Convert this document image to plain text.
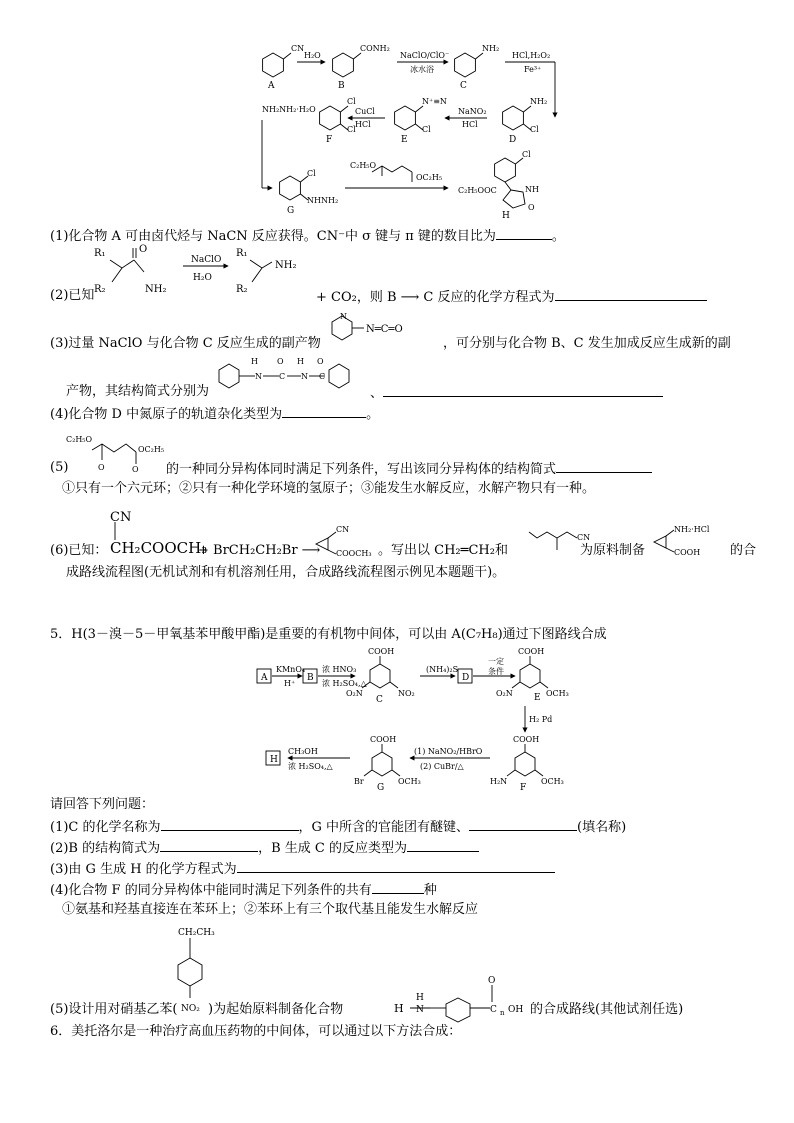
A	B	C
D
E
F
G	H
CN	CONH₂	NH₂
NH₂
Cl
N⁺≡N
Cl
Cl
Cl
Cl
NHNH₂
C₂H₅O
OC₂H₅
C₂H₅OOC
Cl
NH
O
H₂O	NaClO/ClO⁻
冰水浴
HCl,H₂O₂
Fe³⁺
NaNO₂
HCl
CuCl
HCl
NH₂NH₂·H₂O
(1)化合物 A 可由卤代烃与 NaCN 反应获得。CN⁻中 σ 键与 π 键的数目比为	。
R₁
R₂
O
NH₂
NaClO
H₂O
R₁
R₂
NH₂
(2)已知	+ CO₂，则 B ⟶ C 反应的化学方程式为
N
N═C═O
(3)过量 NaClO 与化合物 C 反应生成的副产物	，可分别与化合物 B、C 发生加成反应生成新的副
H
N
O
C
H
N
O
C
产物，其结构简式分别为	、
(4)化合物 D 中氮原子的轨道杂化类型为	。
C₂H₅O
OC₂H₅
O	O
(5)	的一种同分异构体同时满足下列条件，写出该同分异构体的结构简式
①只有一个六元环；②只有一种化学环境的氢原子；③能发生水解反应，水解产物只有一种。
CN
(6)已知： CH₂COOCH₃
+ BrCH₂CH₂Br ⟶
CN
COOCH₃ 。写出以 CH₂═CH₂和
CN
为原料制备
NH₂·HCl
COOH 的合
成路线流程图(无机试剂和有机溶剂任用，合成路线流程图示例见本题题干)。
5．H(3－溴－5－甲氧基苯甲酸甲酯)是重要的有机物中间体，可以由 A(C₇H₈)通过下图路线合成
A	B
C
D
E
F
G
H
KMnO₄
H⁺
浓 HNO₃
浓 H₂SO₄,△
(NH₄)₂S
一定
条件
H₂ Pd
(1) NaNO₂/HBrO
(2) CuBr/△
CH₃OH
浓 H₂SO₄,△
COOH
O₂N	NO₂
COOH
O₂N	OCH₃
COOH
H₂N	OCH₃
COOH
Br	OCH₃
请回答下列问题：
(1)C 的化学名称为	，G 中所含的官能团有醚键、	(填名称)
(2)B 的结构简式为	，B 生成 C 的反应类型为
(3)由 G 生成 H 的化学方程式为
(4)化合物 F 的同分异构体中能同时满足下列条件的共有	种
①氨基和羟基直接连在苯环上；②苯环上有三个取代基且能发生水解反应
CH₂CH₃
NO₂	H
H
N
O
C n OH
(5)设计用对硝基乙苯( )为起始原料制备化合物	的合成路线(其他试剂任选)
6．美托洛尔是一种治疗高血压药物的中间体，可以通过以下方法合成：
